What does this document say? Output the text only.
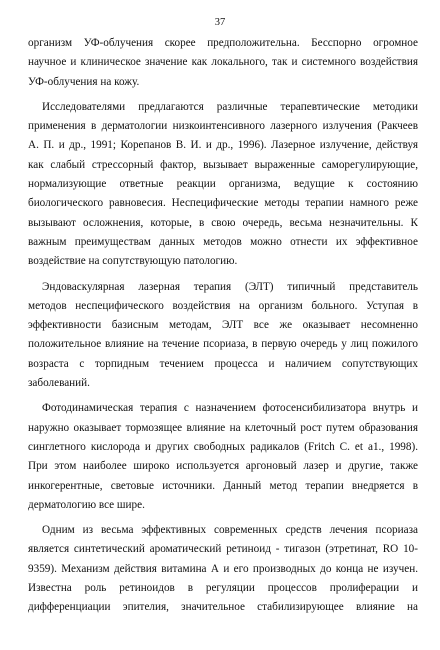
37
организм УФ-облучения скорее предположительна. Бесспорно огромное
научное и клиническое значение как локального, так и системного воздействия
УФ-облучения на кожу.
Исследователями предлагаются различные терапевтические методики
применения в дерматологии низкоинтенсивного лазерного излучения (Ракчеев
А. П. и др., 1991; Корепанов В. И. и др., 1996). Лазерное излучение, действуя
как слабый стрессорный фактор, вызывает выраженные саморегулирующие,
нормализующие ответные реакции организма, ведущие к состоянию
биологического равновесия. Неспецифические методы терапии намного реже
вызывают осложнения, которые, в свою очередь, весьма незначительны. К
важным преимуществам данных методов можно отнести их эффективное
воздействие на сопутствующую патологию.
Эндоваскулярная лазерная терапия (ЭЛТ) типичный представитель
методов неспецифического воздействия на организм больного. Уступая в
эффективности базисным методам, ЭЛТ все же оказывает несомненно
положительное влияние на течение псориаза, в первую очередь у лиц пожилого
возраста с торпидным течением процесса и наличием сопутствующих
заболеваний.
Фотодинамическая терапия с назначением фотосенсибилизатора внутрь и
наружно оказывает тормозящее влияние на клеточный рост путем образования
синглетного кислорода и других свободных радикалов (Fritch C. et a1., 1998).
При этом наиболее широко используется аргоновый лазер и другие, также
инкогерентные, световые источники. Данный метод терапии внедряется в
дерматологию все шире.
Одним из весьма эффективных современных средств лечения псориаза
является синтетический ароматический ретиноид - тигазон (этретинат, RO 10-
9359). Механизм действия витамина А и его производных до конца не изучен.
Известна роль ретиноидов в регуляции процессов пролиферации и
дифференциации эпителия, значительное стабилизирующее влияние на
